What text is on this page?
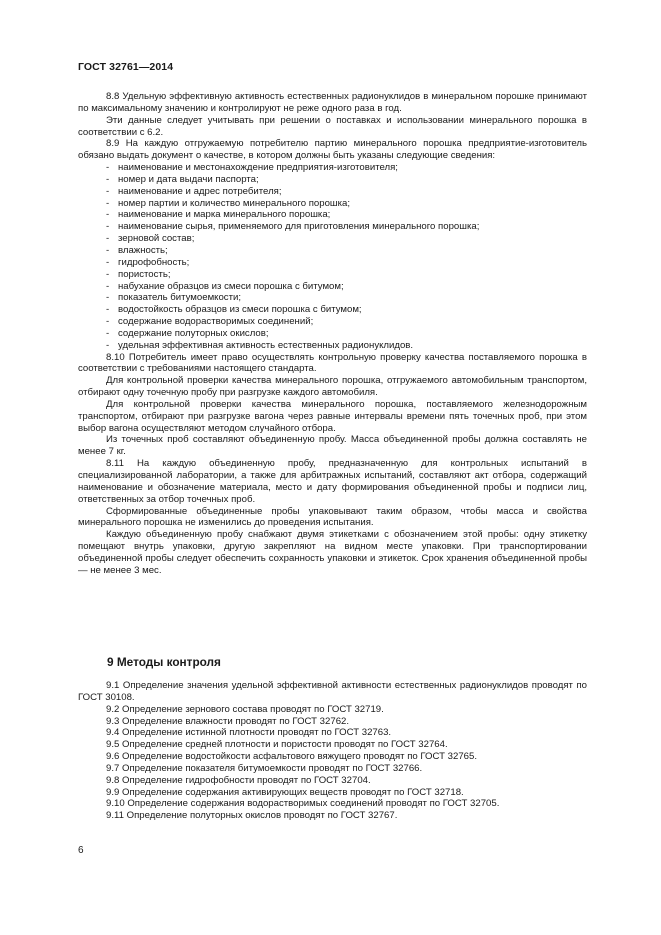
ГОСТ 32761—2014

8.8 Удельную эффективную активность естественных радионуклидов в минеральном порошке принимают по максимальному значению и контролируют не реже одного раза в год.

Эти данные следует учитывать при решении о поставках и использовании минерального порошка в соответствии с 6.2.

8.9 На каждую отгружаемую потребителю партию минерального порошка предприятие-изготовитель обязано выдать документ о качестве, в котором должны быть указаны следующие сведения:

- наименование и местонахождение предприятия-изготовителя;
- номер и дата выдачи паспорта;
- наименование и адрес потребителя;
- номер партии и количество минерального порошка;
- наименование и марка минерального порошка;
- наименование сырья, применяемого для приготовления минерального порошка;
- зерновой состав;
- влажность;
- гидрофобность;
- пористость;
- набухание образцов из смеси порошка с битумом;
- показатель битумоемкости;
- водостойкость образцов из смеси порошка с битумом;
- содержание водорастворимых соединений;
- содержание полуторных окислов;
- удельная эффективная активность естественных радионуклидов.

8.10 Потребитель имеет право осуществлять контрольную проверку качества поставляемого порошка в соответствии с требованиями настоящего стандарта.

Для контрольной проверки качества минерального порошка, отгружаемого автомобильным транспортом, отбирают одну точечную пробу при разгрузке каждого автомобиля.

Для контрольной проверки качества минерального порошка, поставляемого железнодорожным транспортом, отбирают при разгрузке вагона через равные интервалы времени пять точечных проб, при этом выбор вагона осуществляют методом случайного отбора.

Из точечных проб составляют объединенную пробу. Масса объединенной пробы должна составлять не менее 7 кг.

8.11 На каждую объединенную пробу, предназначенную для контрольных испытаний в специализированной лаборатории, а также для арбитражных испытаний, составляют акт отбора, содержащий наименование и обозначение материала, место и дату формирования объединенной пробы и подписи лиц, ответственных за отбор точечных проб.

Сформированные объединенные пробы упаковывают таким образом, чтобы масса и свойства минерального порошка не изменились до проведения испытания.

Каждую объединенную пробу снабжают двумя этикетками с обозначением этой пробы: одну этикетку помещают внутрь упаковки, другую закрепляют на видном месте упаковки. При транспортировании объединенной пробы следует обеспечить сохранность упаковки и этикеток. Срок хранения объединенной пробы — не менее 3 мес.

9 Методы контроля

9.1 Определение значения удельной эффективной активности естественных радионуклидов проводят по ГОСТ 30108.

9.2 Определение зернового состава проводят по ГОСТ 32719.

9.3 Определение влажности проводят по ГОСТ 32762.

9.4 Определение истинной плотности проводят по ГОСТ 32763.

9.5 Определение средней плотности и пористости проводят по ГОСТ 32764.

9.6 Определение водостойкости асфальтового вяжущего проводят по ГОСТ 32765.

9.7 Определение показателя битумоемкости проводят по ГОСТ 32766.

9.8 Определение гидрофобности проводят по ГОСТ 32704.

9.9 Определение содержания активирующих веществ проводят по ГОСТ 32718.

9.10 Определение содержания водорастворимых соединений проводят по ГОСТ 32705.

9.11 Определение полуторных окислов проводят по ГОСТ 32767.

6
